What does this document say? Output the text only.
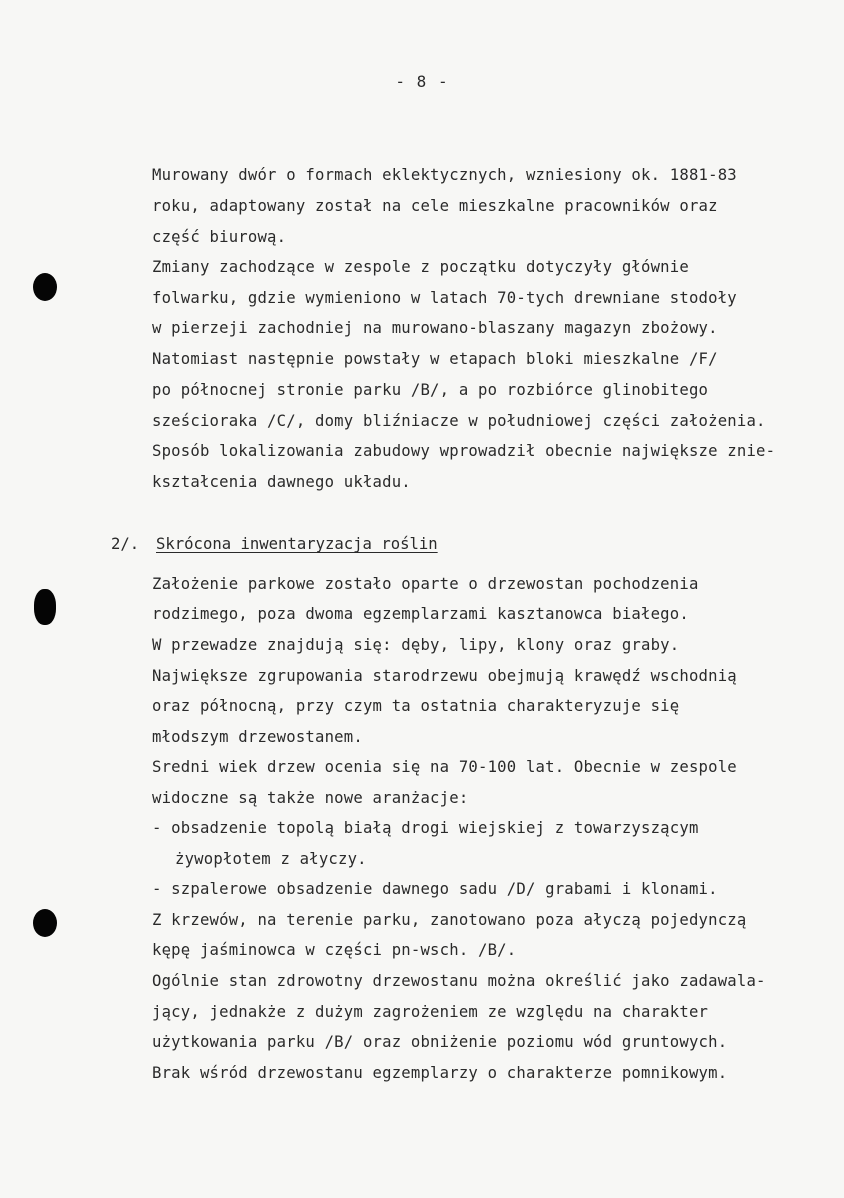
- 8 -
Murowany dwór o formach eklektycznych, wzniesiony ok. 1881-83
roku, adaptowany został na cele mieszkalne pracowników oraz
część biurową.
Zmiany zachodzące w zespole z początku dotyczyły głównie
folwarku, gdzie wymieniono w latach 70-tych drewniane stodoły
w pierzeji zachodniej na murowano-blaszany magazyn zbożowy.
Natomiast następnie powstały w etapach bloki mieszkalne /F/
po północnej stronie parku /B/, a po rozbiórce glinobitego
sześcioraka /C/, domy bliźniacze w południowej części założenia.
Sposób lokalizowania zabudowy wprowadził obecnie największe znie-
kształcenia dawnego układu.
2/. Skrócona inwentaryzacja roślin
Założenie parkowe zostało oparte o drzewostan pochodzenia
rodzimego, poza dwoma egzemplarzami kasztanowca białego.
W przewadze znajdują się: dęby, lipy, klony oraz graby.
Największe zgrupowania starodrzewu obejmują krawędź wschodnią
oraz północną, przy czym ta ostatnia charakteryzuje się
młodszym drzewostanem.
Sredni wiek drzew ocenia się na 70-100 lat. Obecnie w zespole
widoczne są także nowe aranżacje:
- obsadzenie topolą białą drogi wiejskiej z towarzyszącym
żywopłotem z ałyczy.
- szpalerowe obsadzenie dawnego sadu /D/ grabami i klonami.
Z krzewów, na terenie parku, zanotowano poza ałyczą pojedynczą
kępę jaśminowca w części pn-wsch. /B/.
Ogólnie stan zdrowotny drzewostanu można określić jako zadawala-
jący, jednakże z dużym zagrożeniem ze względu na charakter
użytkowania parku /B/ oraz obniżenie poziomu wód gruntowych.
Brak wśród drzewostanu egzemplarzy o charakterze pomnikowym.
